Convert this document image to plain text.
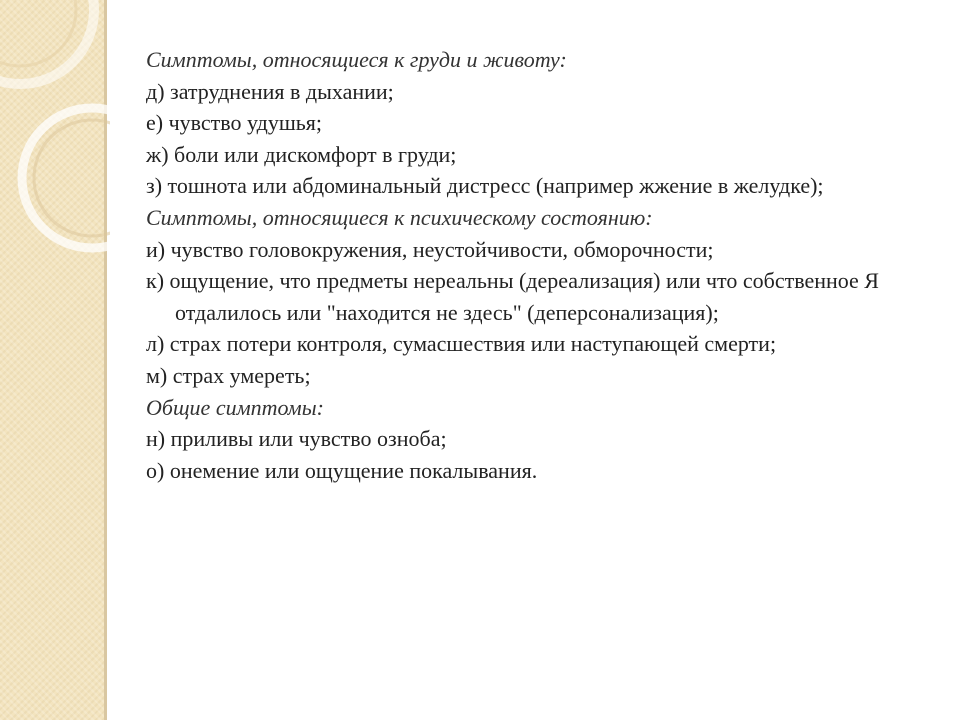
Симптомы, относящиеся к груди и животу:

д) затруднения в дыхании;

е) чувство удушья;

ж) боли или дискомфорт в груди;

з) тошнота или абдоминальный дистресс (например жжение в желудке);

Симптомы, относящиеся к психическому состоянию:

и) чувство головокружения, неустойчивости, обморочности;

к) ощущение, что предметы нереальны (дереализация) или что собственное Я отдалилось или "находится не здесь" (деперсонализация);

л) страх потери контроля, сумасшествия или наступающей смерти;

м) страх умереть;

Общие симптомы:

н) приливы или чувство озноба;

о) онемение или ощущение покалывания.
